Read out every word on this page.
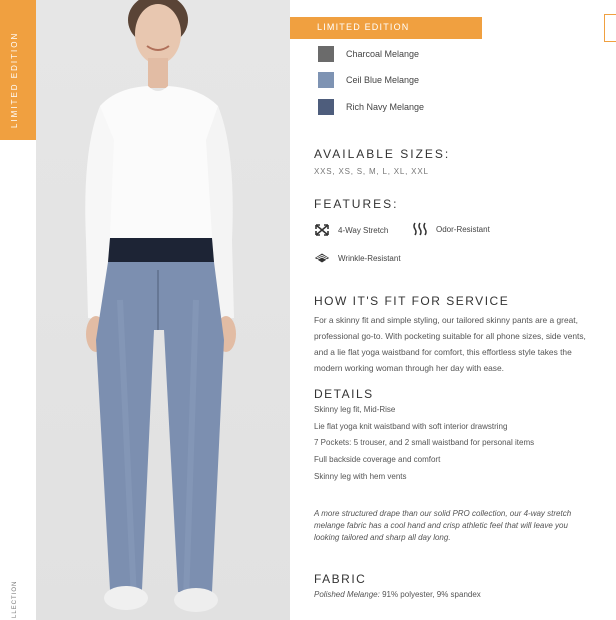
LIMITED EDITION
LLECTION
LIMITED EDITION
Charcoal Melange
Ceil Blue Melange
Rich Navy Melange
AVAILABLE SIZES:
XXS, XS, S, M, L, XL, XXL
FEATURES:
4-Way Stretch	Odor-Resistant
Wrinkle-Resistant
HOW IT'S FIT FOR SERVICE
For a skinny fit and simple styling, our tailored skinny pants are a great, professional go-to. With pocketing suitable for all phone sizes, side vents, and a lie flat yoga waistband for comfort, this effortless style takes the modern working woman through her day with ease.
DETAILS
Skinny leg fit, Mid-Rise
Lie flat yoga knit waistband with soft interior drawstring
7 Pockets: 5 trouser, and 2 small waistband for personal items
Full backside coverage and comfort
Skinny leg with hem vents
A more structured drape than our solid PRO collection, our 4-way stretch melange fabric has a cool hand and crisp athletic feel that will leave you looking tailored and sharp all day long.
FABRIC
Polished Melange: 91% polyester, 9% spandex
